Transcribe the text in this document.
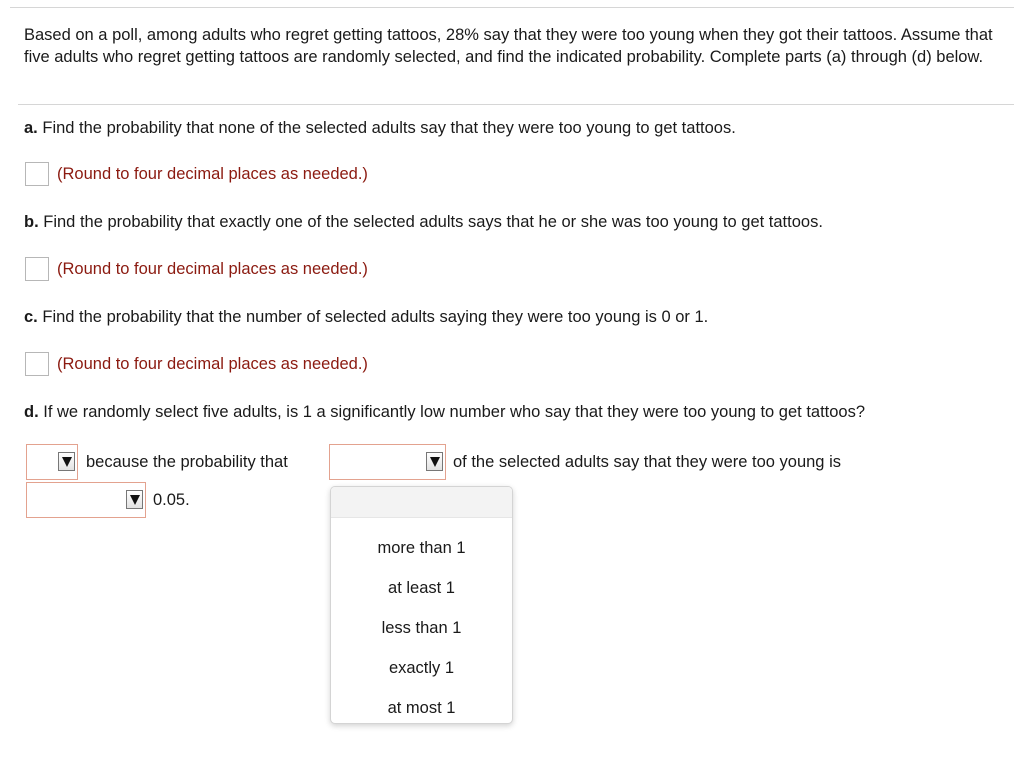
Based on a poll, among adults who regret getting tattoos, 28% say that they were too young when they got their tattoos. Assume that five adults who regret getting tattoos are randomly selected, and find the indicated probability. Complete parts (a) through (d) below.

a. Find the probability that none of the selected adults say that they were too young to get tattoos.

(Round to four decimal places as needed.)

b. Find the probability that exactly one of the selected adults says that he or she was too young to get tattoos.

(Round to four decimal places as needed.)

c. Find the probability that the number of selected adults saying they were too young is 0 or 1.

(Round to four decimal places as needed.)

d. If we randomly select five adults, is 1 a significantly low number who say that they were too young to get tattoos?

because the probability that	of the selected adults say that they were too young is
0.05.
more than 1
at least 1
less than 1
exactly 1
at most 1
